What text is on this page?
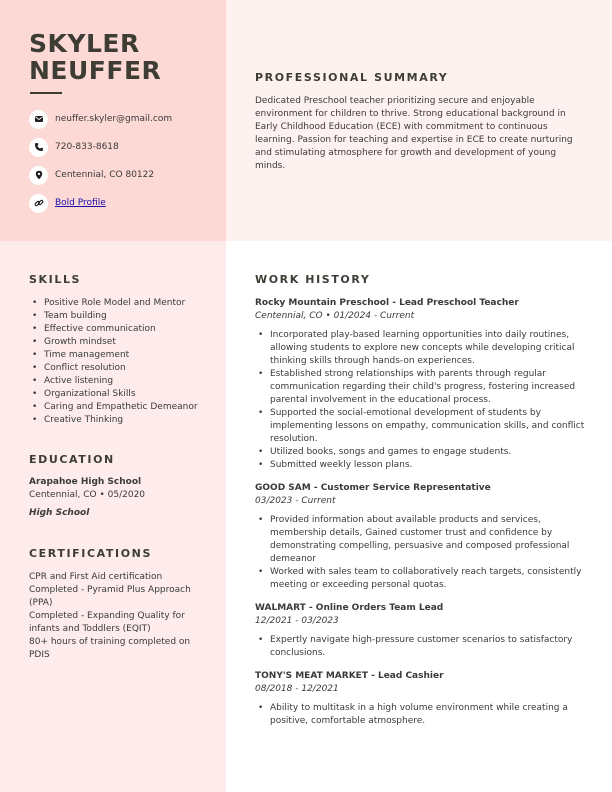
SKYLER
NEUFFER
neuffer.skyler@gmail.com
720-833-8618
Centennial, CO 80122
Bold Profile
PROFESSIONAL SUMMARY
Dedicated Preschool teacher prioritizing secure and enjoyable environment for children to thrive. Strong educational background in Early Childhood Education (ECE) with commitment to continuous learning. Passion for teaching and expertise in ECE to create nurturing and stimulating atmosphere for growth and development of young minds.
SKILLS
• Positive Role Model and Mentor
• Team building
• Effective communication
• Growth mindset
• Time management
• Conflict resolution
• Active listening
• Organizational Skills
• Caring and Empathetic Demeanor
• Creative Thinking
EDUCATION
Arapahoe High School
Centennial, CO • 05/2020
High School
CERTIFICATIONS
CPR and First Aid certification
Completed - Pyramid Plus Approach (PPA)
Completed - Expanding Quality for infants and Toddlers (EQIT)
80+ hours of training completed on PDIS
WORK HISTORY
Rocky Mountain Preschool - Lead Preschool Teacher
Centennial, CO • 01/2024 - Current
• Incorporated play-based learning opportunities into daily routines, allowing students to explore new concepts while developing critical thinking skills through hands-on experiences.
• Established strong relationships with parents through regular communication regarding their child's progress, fostering increased parental involvement in the educational process.
• Supported the social-emotional development of students by implementing lessons on empathy, communication skills, and conflict resolution.
• Utilized books, songs and games to engage students.
• Submitted weekly lesson plans.
GOOD SAM - Customer Service Representative
03/2023 - Current
• Provided information about available products and services, membership details, Gained customer trust and confidence by demonstrating compelling, persuasive and composed professional demeanor
• Worked with sales team to collaboratively reach targets, consistently meeting or exceeding personal quotas.
WALMART - Online Orders Team Lead
12/2021 - 03/2023
• Expertly navigate high-pressure customer scenarios to satisfactory conclusions.
TONY'S MEAT MARKET - Lead Cashier
08/2018 - 12/2021
• Ability to multitask in a high volume environment while creating a positive, comfortable atmosphere.
